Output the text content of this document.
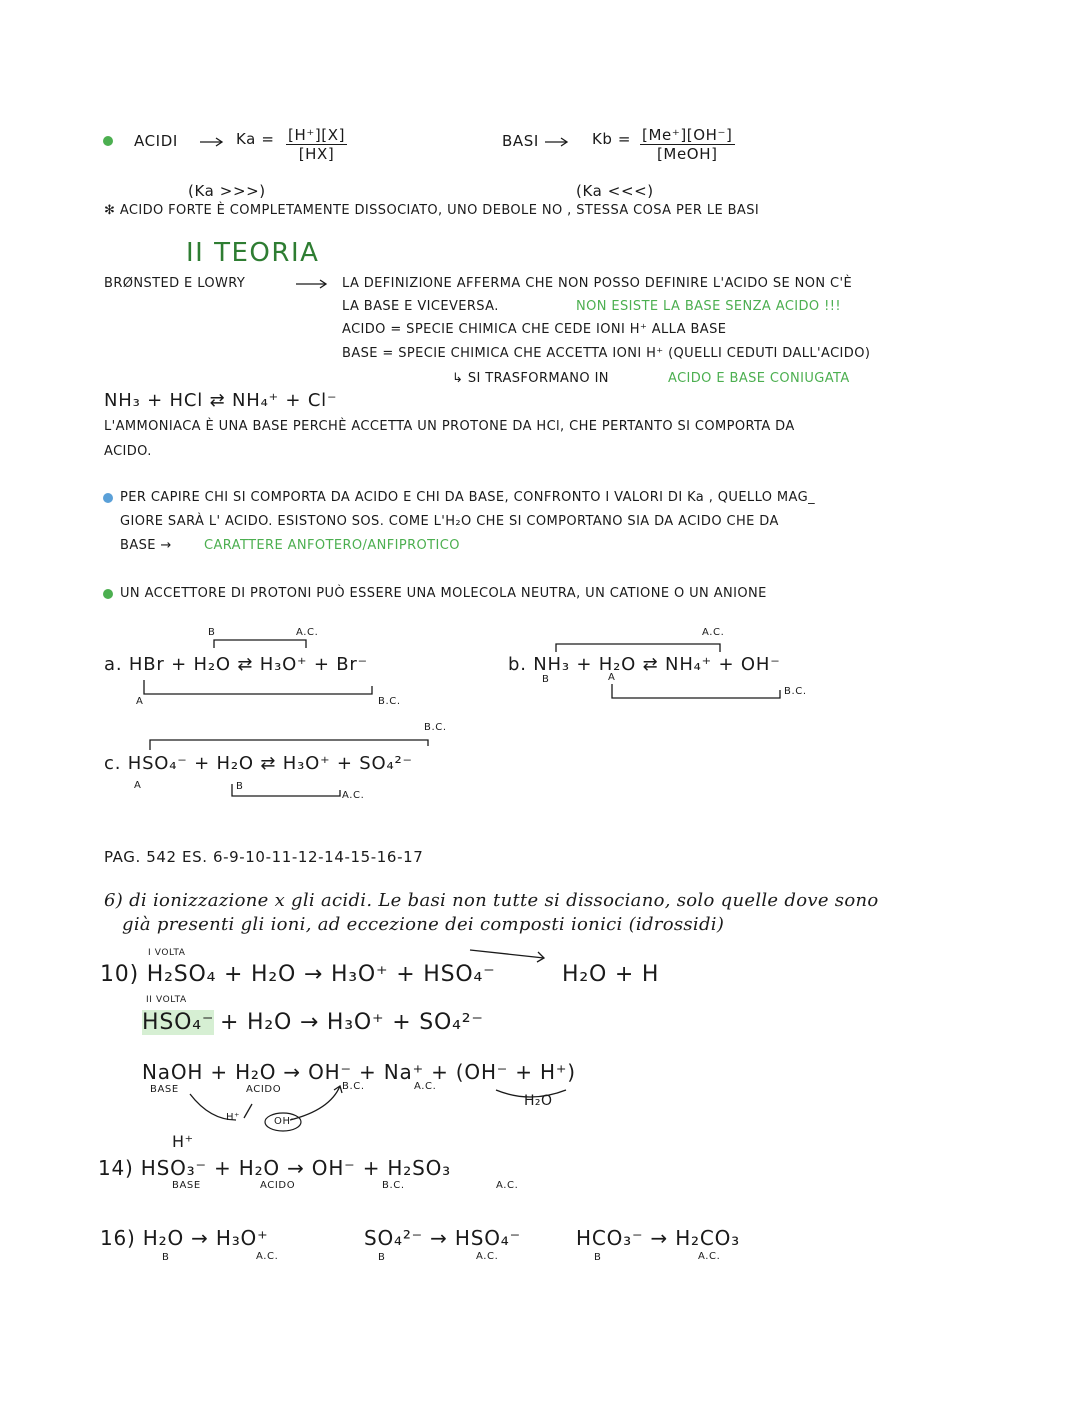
ACIDI	$Ka = \frac{[H^+][X]}{[HX]}$	BASI	Kb = [Me⁺][OH⁻]
[MeOH]
(Ka >>>)	(Ka <<<)
✻ ACIDO FORTE È COMPLETAMENTE DISSOCIATO, UNO DEBOLE NO , STESSA COSA PER LE BASI
II TEORIA
BRØNSTED E LOWRY	LA DEFINIZIONE AFFERMA CHE NON POSSO DEFINIRE L'ACIDO SE NON C'È
LA BASE E VICEVERSA.	NON ESISTE LA BASE SENZA ACIDO !!!
ACIDO = SPECIE CHIMICA CHE CEDE IONI H⁺ ALLA BASE
BASE = SPECIE CHIMICA CHE ACCETTA IONI H⁺ (QUELLI CEDUTI DALL'ACIDO)
↳ SI TRASFORMANO IN	ACIDO E BASE CONIUGATA
NH₃ + HCl ⇄ NH₄⁺ + Cl⁻
L'AMMONIACA È UNA BASE PERCHÈ ACCETTA UN PROTONE DA HCl, CHE PERTANTO SI COMPORTA DA
ACIDO.
PER CAPIRE CHI SI COMPORTA DA ACIDO E CHI DA BASE, CONFRONTO I VALORI DI Ka , QUELLO MAG_
GIORE SARÀ L' ACIDO. ESISTONO SOS. COME L'H₂O CHE SI COMPORTANO SIA DA ACIDO CHE DA
BASE → CARATTERE ANFOTERO/ANFIPROTICO
UN ACCETTORE DI PROTONI PUÒ ESSERE UNA MOLECOLA NEUTRA, UN CATIONE O UN ANIONE
B	A.C.
a. HBr + H₂O ⇄ H₃O⁺ + Br⁻
A	B.C.
A.C.
b. NH₃ + H₂O ⇄ NH₄⁺ + OH⁻
B	A
B.C.
B.C.
c. HSO₄⁻ + H₂O ⇄ H₃O⁺ + SO₄²⁻
A	B
A.C.
PAG. 542 ES. 6-9-10-11-12-14-15-16-17
6) di ionizzazione x gli acidi. Le basi non tutte si dissociano, solo quelle dove sono
già presenti gli ioni, ad eccezione dei composti ionici (idrossidi)
I VOLTA
10) H₂SO₄ + H₂O → H₃O⁺ + HSO₄⁻	H₂O + H
II VOLTA
HSO₄⁻ + H₂O → H₃O⁺ + SO₄²⁻
NaOH + H₂O → OH⁻ + Na⁺ + (OH⁻ + H⁺)
BASE	ACIDO	B.C.	A.C.
H₂O
H⁺	OH⁻
H⁺
14) HSO₃⁻ + H₂O → OH⁻ + H₂SO₃
BASE	ACIDO	B.C.	A.C.
16) H₂O → H₃O⁺
B	A.C.
SO₄²⁻ → HSO₄⁻
B	A.C.
HCO₃⁻ → H₂CO₃
B	A.C.
